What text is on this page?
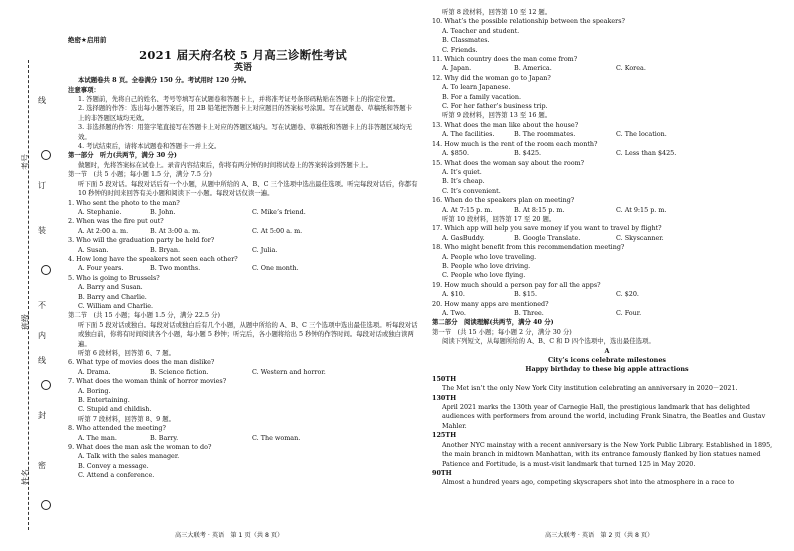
线
订
装
不
内
线
封
密
考号
班级
姓名
绝密★启用前
2021 届天府名校 5 月高三诊断性考试
英语

本试题卷共 8 页。全卷满分 150 分。考试用时 120 分钟。

注意事项：

1. 答题前，先将自己的姓名、考号等填写在试题卷和答题卡上，并将准考证号条形码粘贴在答题卡上的指定位置。

2. 选择题的作答：选出每小题答案后，用 2B 铅笔把答题卡上对应题目的答案标号涂黑。写在试题卷、草稿纸和答题卡上的非答题区域均无效。

3. 非选择题的作答：用签字笔直接写在答题卡上对应的答题区域内。写在试题卷、草稿纸和答题卡上的非答题区域均无效。

4. 考试结束后，请将本试题卷和答题卡一并上交。

第一部分　听力(共两节，满分 30 分)

做题时，先将答案标在试卷上。录音内容结束后，你将有两分钟的时间将试卷上的答案转涂到答题卡上。

第一节　(共 5 小题；每小题 1.5 分，满分 7.5 分)

听下面 5 段对话。每段对话后有一个小题，从题中所给的 A、B、C 三个选项中选出最佳选项。听完每段对话后，你都有 10 秒钟的时间来回答有关小题和阅读下一小题。每段对话仅读一遍。

1. Who sent the photo to the man?

A. Stephanie.	B. John.	C. Mike’s friend.

2. When was the fire put out?

A. At 2:00 a. m.	B. At 3:00 a. m.	C. At 5:00 a. m.

3. Who will the graduation party be held for?

A. Susan.	B. Bryan.	C. Julia.

4. How long have the speakers not seen each other?

A. Four years.	B. Two months.	C. One month.

5. Who is going to Brussels?

A. Barry and Susan.

B. Barry and Charlie.

C. William and Charlie.

第二节　(共 15 小题；每小题 1.5 分，满分 22.5 分)

听下面 5 段对话或独白。每段对话或独白后有几个小题，从题中所给的 A、B、C 三个选项中选出最佳选项。听每段对话或独白前，你将有时间阅读各个小题，每小题 5 秒钟；听完后，各小题将给出 5 秒钟的作答时间。每段对话或独白读两遍。

听第 6 段材料，回答第 6、7 题。

6. What type of movies does the man dislike?

A. Drama.	B. Science fiction.	C. Western and horror.

7. What does the woman think of horror movies?

A. Boring.

B. Entertaining.

C. Stupid and childish.

听第 7 段材料，回答第 8、9 题。

8. Who attended the meeting?

A. The man.	B. Barry.	C. The woman.

9. What does the man ask the woman to do?

A. Talk with the sales manager.

B. Convey a message.

C. Attend a conference.

听第 8 段材料，回答第 10 至 12 题。

10. What’s the possible relationship between the speakers?

A. Teacher and student.

B. Classmates.

C. Friends.

11. Which country does the man come from?

A. Japan.	B. America.	C. Korea.

12. Why did the woman go to Japan?

A. To learn Japanese.

B. For a family vacation.

C. For her father’s business trip.

听第 9 段材料，回答第 13 至 16 题。

13. What does the man like about the house?

A. The facilities.	B. The roommates.	C. The location.

14. How much is the rent of the room each month?

A. $850.	B. $425.	C. Less than $425.

15. What does the woman say about the room?

A. It’s quiet.

B. It’s cheap.

C. It’s convenient.

16. When do the speakers plan on meeting?

A. At 7:15 p. m.	B. At 8:15 p. m.	C. At 9:15 p. m.

听第 10 段材料，回答第 17 至 20 题。

17. Which app will help you save money if you want to travel by flight?

A. GasBuddy.	B. Google Translate.	C. Skyscanner.

18. Who might benefit from this recommendation meeting?

A. People who love traveling.

B. People who love driving.

C. People who love flying.

19. How much should a person pay for all the apps?

A. $10.	B. $15.	C. $20.

20. How many apps are mentioned?

A. Two.	B. Three.	C. Four.

第二部分　阅读理解(共两节，满分 40 分)

第一节　(共 15 小题；每小题 2 分，满分 30 分)

阅读下列短文，从每题所给的 A、B、C 和 D 四个选项中，选出最佳选项。

A

City’s icons celebrate milestones

Happy birthday to these big apple attractions

150TH

The Met isn’t the only New York City institution celebrating an anniversary in 2020－2021.

130TH

April 2021 marks the 130th year of Carnegie Hall, the prestigious landmark that has delighted audiences with performers from around the world, including Frank Sinatra, the Beatles and Gustav Mahler.

125TH

Another NYC mainstay with a recent anniversary is the New York Public Library. Established in 1895, the main branch in midtown Manhattan, with its entrance famously flanked by lion statues named Patience and Fortitude, is a must-visit landmark that turned 125 in May 2020.

90TH

Almost a hundred years ago, competing skyscrapers shot into the atmosphere in a race to

高三大联考 · 英语　第 1 页（共 8 页）	高三大联考 · 英语　第 2 页（共 8 页）
